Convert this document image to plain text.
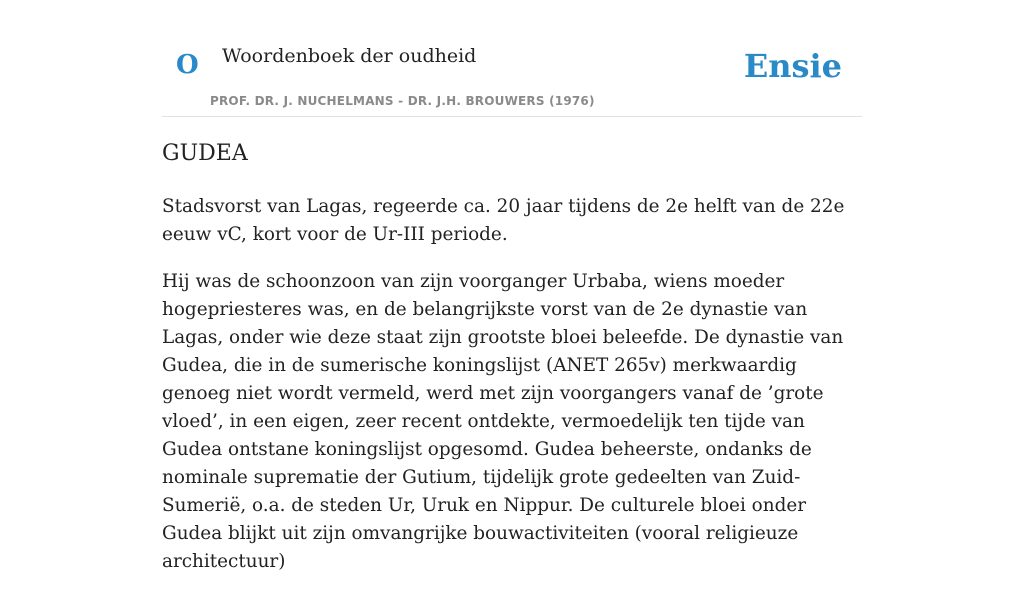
O Woordenboek der oudheid
PROF. DR. J. NUCHELMANS - DR. J.H. BROUWERS (1976)
Ensie
GUDEA

Stadsvorst van Lagas, regeerde ca. 20 jaar tijdens de 2e helft van de 22e eeuw vC, kort voor de Ur-III periode.

Hij was de schoonzoon van zijn voorganger Urbaba, wiens moeder hogepriesteres was, en de belangrijkste vorst van de 2e dynastie van Lagas, onder wie deze staat zijn grootste bloei beleefde. De dynastie van Gudea, die in de sumerische koningslijst (ANET 265v) merkwaardig genoeg niet wordt vermeld, werd met zijn voorgangers vanaf de ’grote vloed’, in een eigen, zeer recent ontdekte, vermoedelijk ten tijde van Gudea ontstane koningslijst opgesomd. Gudea beheerste, ondanks de nominale suprematie der Gutium, tijdelijk grote gedeelten van Zuid-Sumerië, o.a. de steden Ur, Uruk en Nippur. De culturele bloei onder Gudea blijkt uit zijn omvangrijke bouwactiviteiten (vooral religieuze architectuur)
